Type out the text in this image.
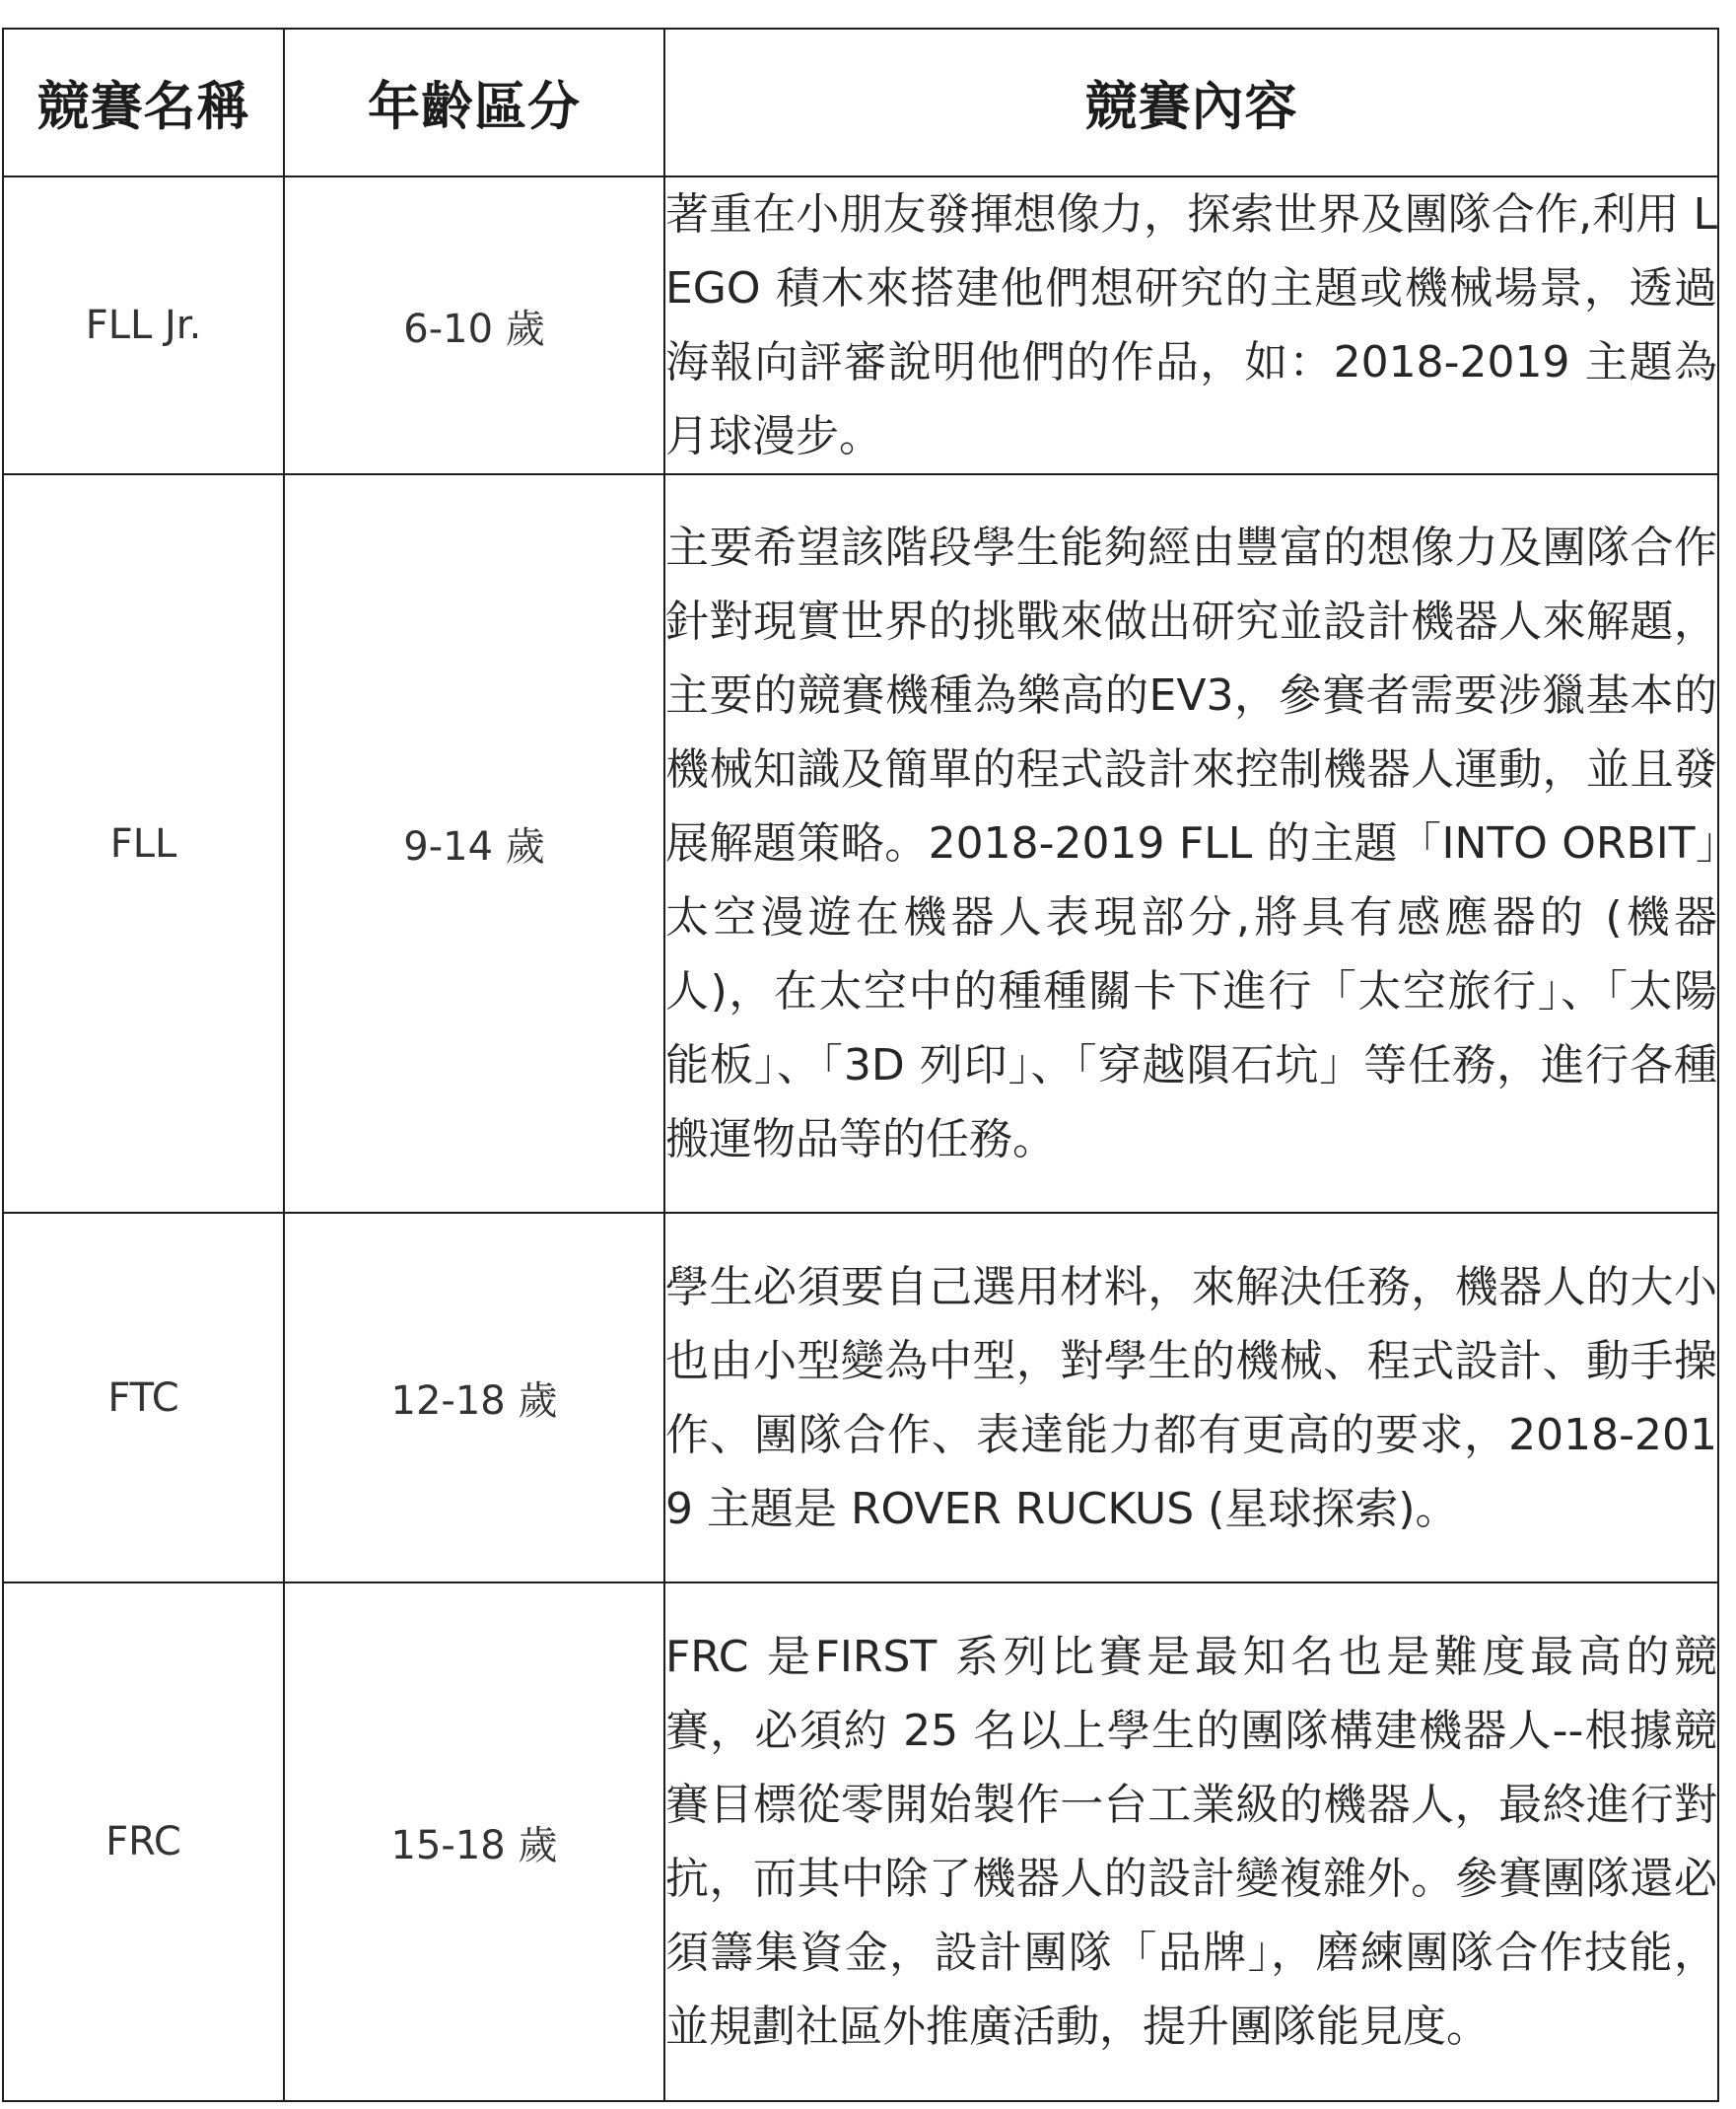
競賽名稱	年齡區分	競賽內容
FLL Jr.	6-10 歲	著重在小朋友發揮想像力，探索世界及團隊合作,利用 LEGO 積木來搭建他們想研究的主題或機械場景，透過海報向評審說明他們的作品，如：2018-2019 主題為月球漫步。
FLL	9-14 歲	主要希望該階段學生能夠經由豐富的想像力及團隊合作針對現實世界的挑戰來做出研究並設計機器人來解題，主要的競賽機種為樂高的EV3，參賽者需要涉獵基本的機械知識及簡單的程式設計來控制機器人運動，並且發展解題策略。2018-2019 FLL 的主題「INTO ORBIT」太空漫遊在機器人表現部分,將具有感應器的 (機器人)，在太空中的種種關卡下進行「太空旅行」、「太陽能板」、「3D 列印」、「穿越隕石坑」等任務，進行各種搬運物品等的任務。
FTC	12-18 歲	學生必須要自己選用材料，來解決任務，機器人的大小也由小型變為中型，對學生的機械、程式設計、動手操作、團隊合作、表達能力都有更高的要求，2018-2019 主題是 ROVER RUCKUS (星球探索)。
FRC	15-18 歲	FRC 是FIRST 系列比賽是最知名也是難度最高的競賽，必須約 25 名以上學生的團隊構建機器人--根據競賽目標從零開始製作一台工業級的機器人，最終進行對抗，而其中除了機器人的設計變複雜外。參賽團隊還必須籌集資金，設計團隊「品牌」，磨練團隊合作技能，並規劃社區外推廣活動，提升團隊能見度。
